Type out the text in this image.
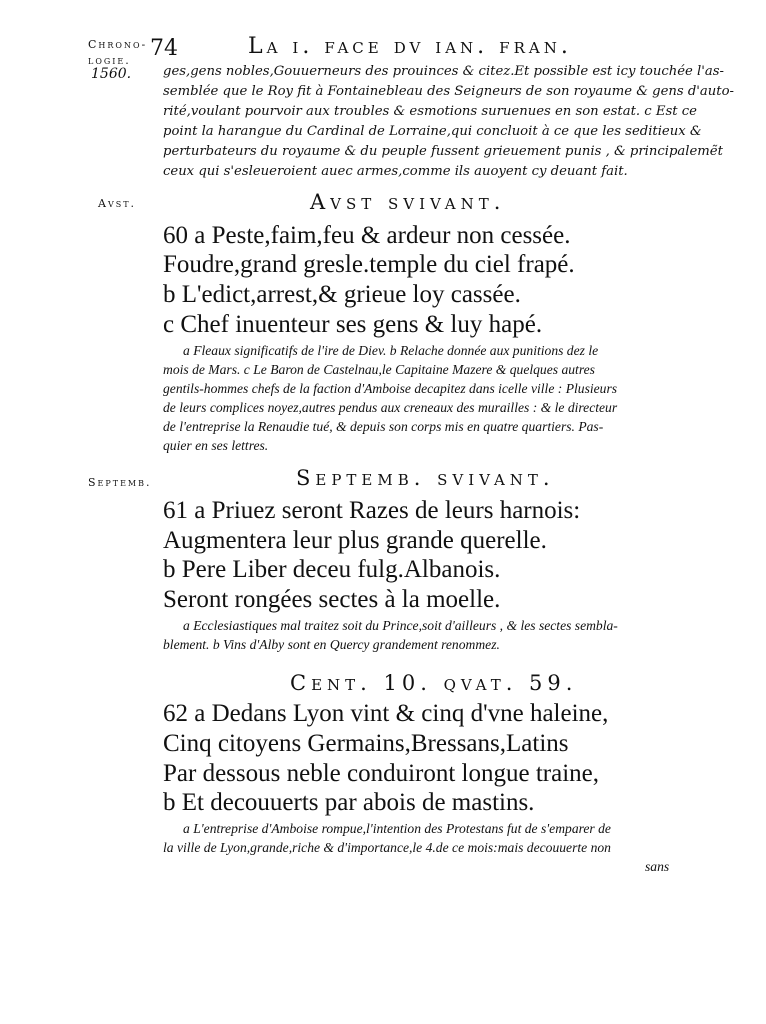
Chrono-
logie.
1560.
74	La i. face dv ian. fran.
ges,gens nobles,Gouuerneurs des prouinces & citez.Et possible est icy touchée l'as-
semblée que le Roy fit à Fontainebleau des Seigneurs de son royaume & gens d'auto-
rité,voulant pourvoir aux troubles & esmotions suruenues en son estat. c Est ce
point la harangue du Cardinal de Lorraine,qui concluoit à ce que les seditieux &
perturbateurs du royaume & du peuple fussent grieuement punis , & principalemẽt
ceux qui s'esleueroient auec armes,comme ils auoyent cy deuant fait.
Avst.	Avst svivant.
60 a Peste,faim,feu & ardeur non cessée.
Foudre,grand gresle.temple du ciel frapé.
b L'edict,arrest,& grieue loy cassée.
c Chef inuenteur ses gens & luy hapé.
a Fleaux significatifs de l'ire de Diev. b Relache donnée aux punitions dez le
mois de Mars. c Le Baron de Castelnau,le Capitaine Mazere & quelques autres
gentils-hommes chefs de la faction d'Amboise decapitez dans icelle ville : Plusieurs
de leurs complices noyez,autres pendus aux creneaux des murailles : & le directeur
de l'entreprise la Renaudie tué, & depuis son corps mis en quatre quartiers. Pas-
quier en ses lettres.
Septemb.	Septemb. svivant.
61 a Priuez seront Razes de leurs harnois:
Augmentera leur plus grande querelle.
b Pere Liber deceu fulg.Albanois.
Seront rongées sectes à la moelle.
a Ecclesiastiques mal traitez soit du Prince,soit d'ailleurs , & les sectes sembla-
blement. b Vins d'Alby sont en Quercy grandement renommez.
Cent. 10. qvat. 59.
62 a Dedans Lyon vint & cinq d'vne haleine,
Cinq citoyens Germains,Bressans,Latins
Par dessous neble conduiront longue traine,
b Et decouuerts par abois de mastins.
a L'entreprise d'Amboise rompue,l'intention des Protestans fut de s'emparer de
la ville de Lyon,grande,riche & d'importance,le 4.de ce mois:mais decouuerte non
sans
